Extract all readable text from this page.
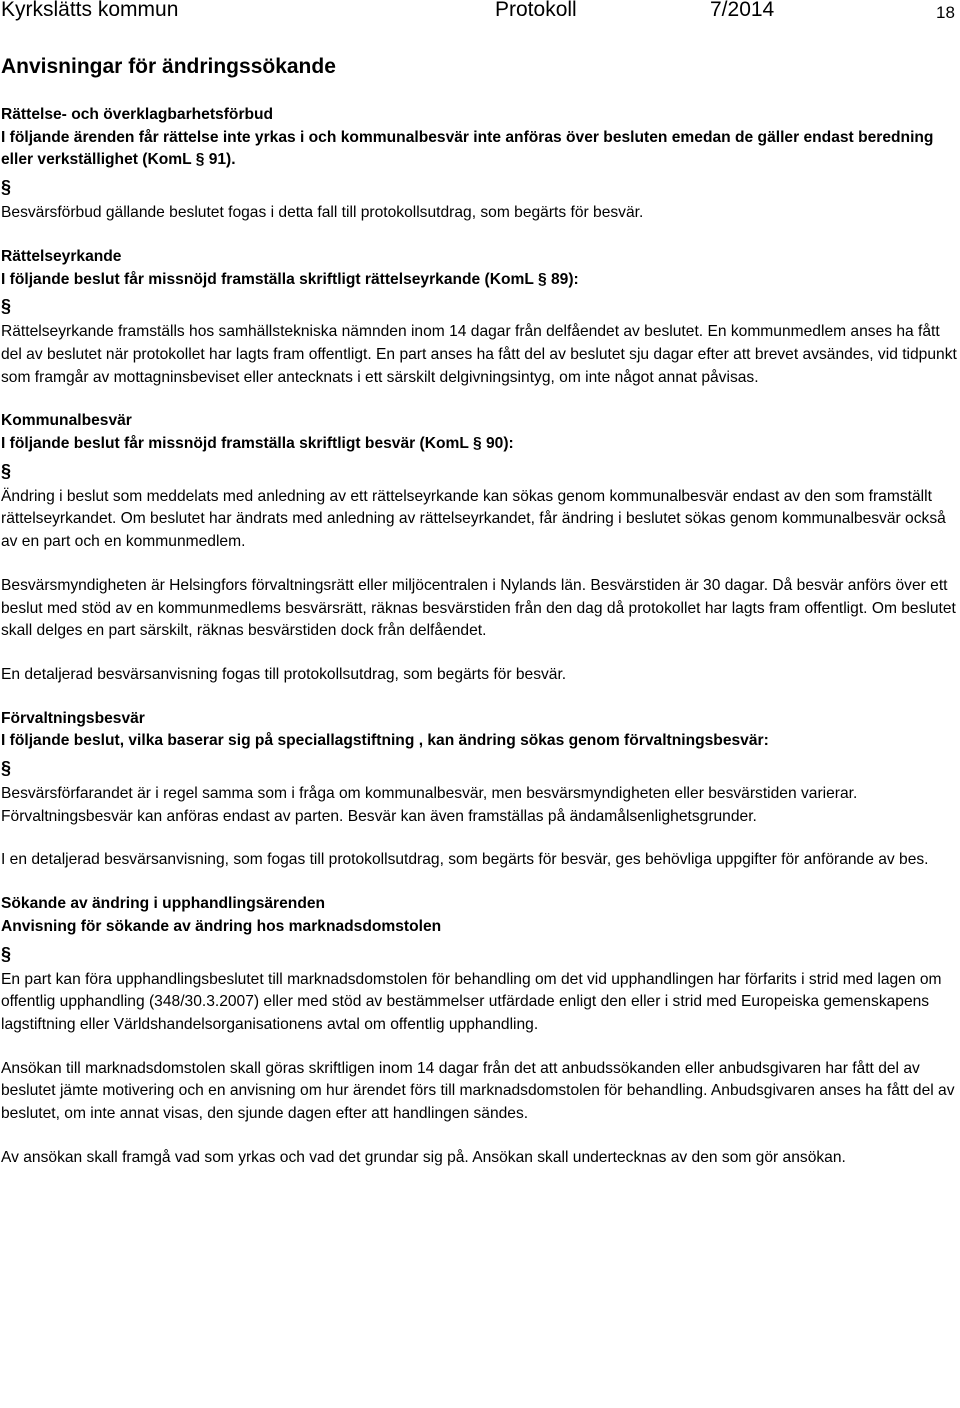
Kyrkslätts kommun	Protokoll	7/2014	18
Anvisningar för ändringssökande

Rättelse- och överklagbarhetsförbud

I följande ärenden får rättelse inte yrkas i och kommunalbesvär inte anföras över besluten emedan de gäller endast beredning eller verkställighet (KomL § 91).

§

Besvärsförbud gällande beslutet fogas i detta fall till protokollsutdrag, som begärts för besvär.

Rättelseyrkande

I följande beslut får missnöjd framställa skriftligt rättelseyrkande (KomL § 89):

§

Rättelseyrkande framställs hos samhällstekniska nämnden inom 14 dagar från delfåendet av beslutet. En kommunmedlem anses ha fått del av beslutet när protokollet har lagts fram offentligt. En part anses ha fått del av beslutet sju dagar efter att brevet avsändes, vid tidpunkt som framgår av mottagninsbeviset eller antecknats i ett särskilt delgivningsintyg, om inte något annat påvisas.

Kommunalbesvär

I följande beslut får missnöjd framställa skriftligt besvär (KomL § 90):

§

Ändring i beslut som meddelats med anledning av ett rättelseyrkande kan sökas genom kommunalbesvär endast av den som framställt rättelseyrkandet. Om beslutet har ändrats med anledning av rättelseyrkandet, får ändring i beslutet sökas genom kommunalbesvär också av en part och en kommunmedlem.

Besvärsmyndigheten är Helsingfors förvaltningsrätt eller miljöcentralen i Nylands län. Besvärstiden är 30 dagar. Då besvär anförs över ett beslut med stöd av en kommunmedlems besvärsrätt, räknas besvärstiden från den dag då protokollet har lagts fram offentligt. Om beslutet skall delges en part särskilt, räknas besvärstiden dock från delfåendet.

En detaljerad besvärsanvisning fogas till protokollsutdrag, som begärts för besvär.

Förvaltningsbesvär

I följande beslut, vilka baserar sig på speciallagstiftning , kan ändring sökas genom förvaltningsbesvär:

§

Besvärsförfarandet är i regel samma som i fråga om kommunalbesvär, men besvärsmyndigheten eller besvärstiden varierar. Förvaltningsbesvär kan anföras endast av parten. Besvär kan även framställas på ändamålsenlighetsgrunder.

I en detaljerad besvärsanvisning, som fogas till protokollsutdrag, som begärts för besvär, ges behövliga uppgifter för anförande av bes.

Sökande av ändring i upphandlingsärenden

Anvisning för sökande av ändring hos marknadsdomstolen

§

En part kan föra upphandlingsbeslutet till marknadsdomstolen för behandling om det vid upphandlingen har förfarits i strid med lagen om offentlig upphandling (348/30.3.2007) eller med stöd av bestämmelser utfärdade enligt den eller i strid med Europeiska gemenskapens lagstiftning eller Världshandelsorganisationens avtal om offentlig upphandling.

Ansökan till marknadsdomstolen skall göras skriftligen inom 14 dagar från det att anbudssökanden eller anbudsgivaren har fått del av beslutet jämte motivering och en anvisning om hur ärendet förs till marknadsdomstolen för behandling. Anbudsgivaren anses ha fått del av beslutet, om inte annat visas, den sjunde dagen efter att handlingen sändes.

Av ansökan skall framgå vad som yrkas och vad det grundar sig på. Ansökan skall undertecknas av den som gör ansökan.
